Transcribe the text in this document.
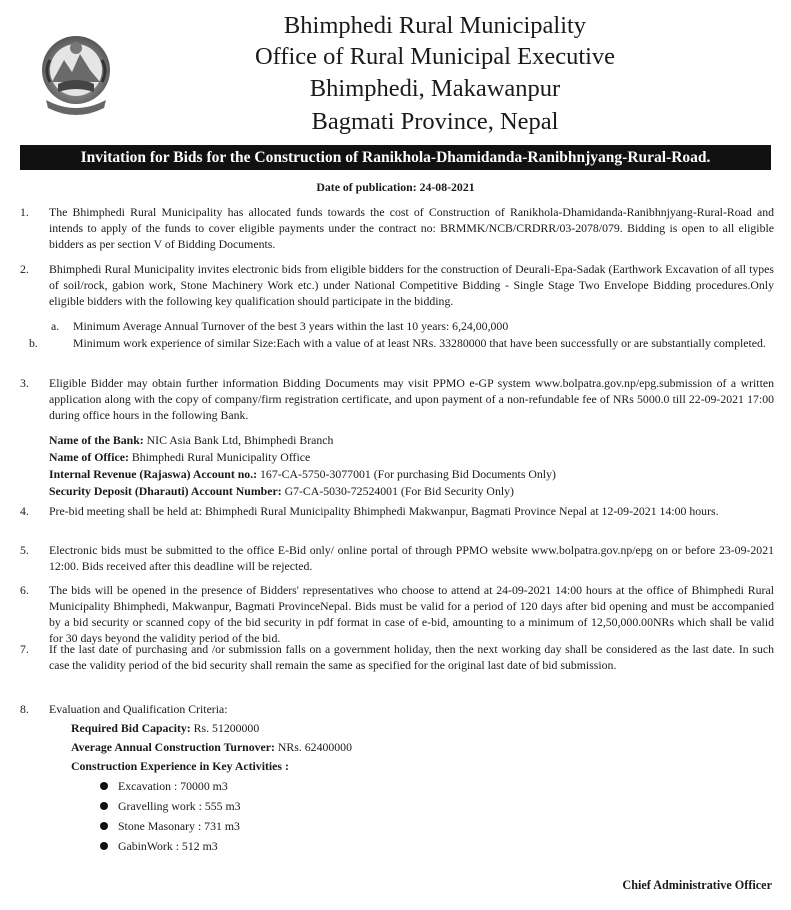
Bhimphedi Rural Municipality
Office of Rural Municipal Executive
Bhimphedi, Makawanpur
Bagmati Province, Nepal
Invitation for Bids for the Construction of Ranikhola-Dhamidanda-Ranibhnjyang-Rural-Road.
Date of publication: 24-08-2021

1.	The Bhimphedi Rural Municipality has allocated funds towards the cost of Construction of Ranikhola-Dhamidanda-Ranibhnjyang-Rural-Road and intends to apply of the funds to cover eligible payments under the contract no: BRMMK/NCB/CRDRR/03-2078/079. Bidding is open to all eligible bidders as per section V of Bidding Documents.

2.	Bhimphedi Rural Municipality invites electronic bids from eligible bidders for the construction of Deurali-Epa-Sadak (Earthwork Excavation of all types of soil/rock, gabion work, Stone Machinery Work etc.) under National Competitive Bidding - Single Stage Two Envelope Bidding procedures.Only eligible bidders with the following key qualification should participate in the bidding.

a. Minimum Average Annual Turnover of the best 3 years within the last 10 years: 6,24,00,000

b.	Minimum work experience of similar Size:Each with a value of at least NRs. 33280000 that have been successfully or are substantially completed.

3.	Eligible Bidder may obtain further information Bidding Documents may visit PPMO e-GP system www.bolpatra.gov.np/epg.submission of a written application along with the copy of company/firm registration certificate, and upon payment of a non-refundable fee of NRs 5000.0 till 22-09-2021 17:00 during office hours in the following Bank.

Name of the Bank: NIC Asia Bank Ltd, Bhimphedi Branch

Name of Office: Bhimphedi Rural Municipality Office

Internal Revenue (Rajaswa) Account no.: 167-CA-5750-3077001 (For purchasing Bid Documents Only)

Security Deposit (Dharauti) Account Number: G7-CA-5030-72524001 (For Bid Security Only)

4.	Pre-bid meeting shall be held at: Bhimphedi Rural Municipality Bhimphedi Makwanpur, Bagmati Province Nepal at 12-09-2021 14:00 hours.

5.	Electronic bids must be submitted to the office E-Bid only/ online portal of through PPMO website www.bolpatra.gov.np/epg on or before 23-09-2021 12:00. Bids received after this deadline will be rejected.

6.	The bids will be opened in the presence of Bidders' representatives who choose to attend at 24-09-2021 14:00 hours at the office of Bhimphedi Rural Municipality Bhimphedi, Makwanpur, Bagmati ProvinceNepal. Bids must be valid for a period of 120 days after bid opening and must be accompanied by a bid security or scanned copy of the bid security in pdf format in case of e-bid, amounting to a minimum of 12,50,000.00NRs which shall be valid for 30 days beyond the validity period of the bid.

7.	If the last date of purchasing and /or submission falls on a government holiday, then the next working day shall be considered as the last date. In such case the validity period of the bid security shall remain the same as specified for the original last date of bid submission.

8.	Evaluation and Qualification Criteria:

Required Bid Capacity: Rs. 51200000

Average Annual Construction Turnover: NRs. 62400000

Construction Experience in Key Activities :

Excavation : 70000 m3

Gravelling work : 555 m3

Stone Masonary : 731 m3

GabinWork : 512 m3

Chief Administrative Officer
